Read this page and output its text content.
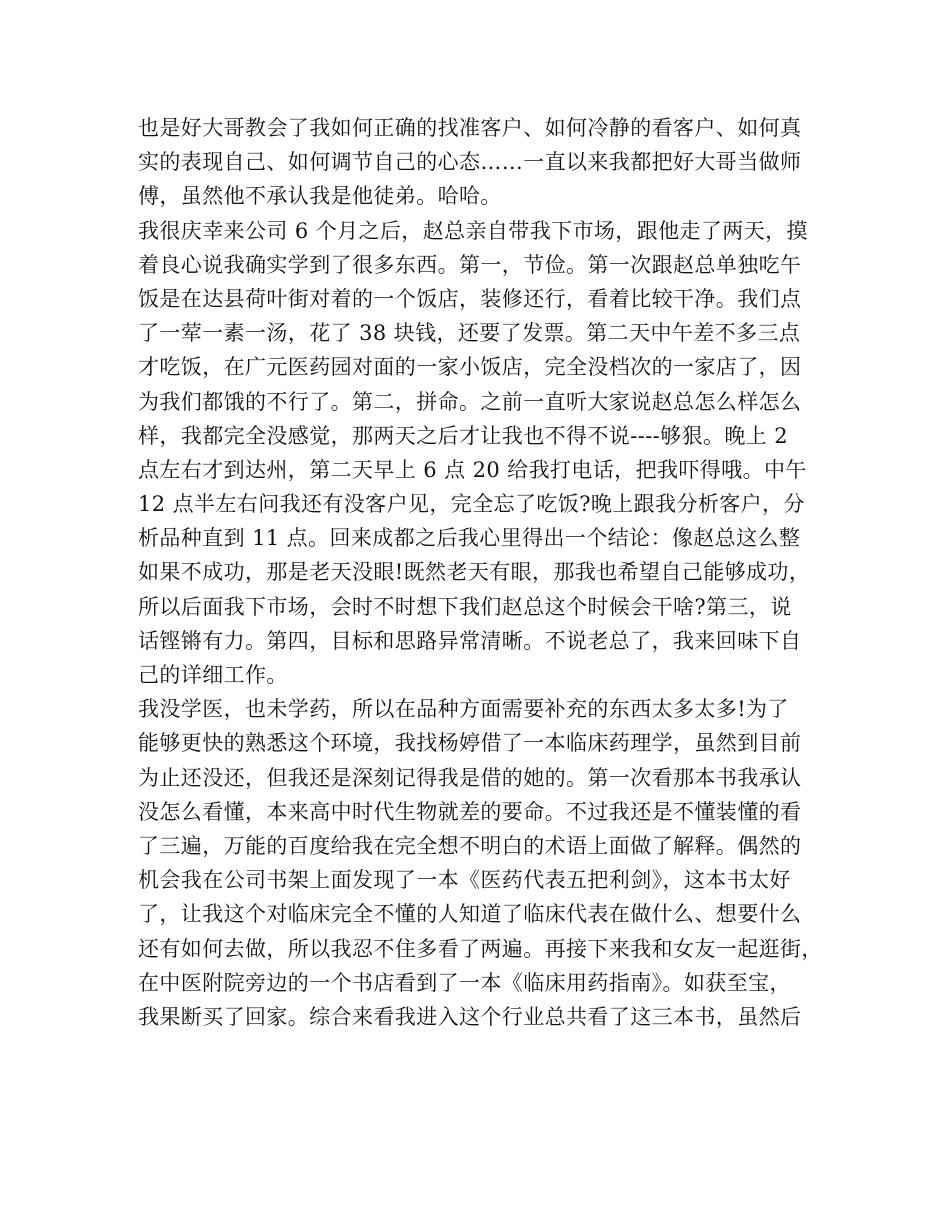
也是好大哥教会了我如何正确的找准客户、如何冷静的看客户、如何真
实的表现自己、如何调节自己的心态……一直以来我都把好大哥当做师
傅，虽然他不承认我是他徒弟。哈哈。
我很庆幸来公司 6 个月之后，赵总亲自带我下市场，跟他走了两天，摸
着良心说我确实学到了很多东西。第一，节俭。第一次跟赵总单独吃午
饭是在达县荷叶街对着的一个饭店，装修还行，看着比较干净。我们点
了一荤一素一汤，花了 38 块钱，还要了发票。第二天中午差不多三点
才吃饭，在广元医药园对面的一家小饭店，完全没档次的一家店了，因
为我们都饿的不行了。第二，拼命。之前一直听大家说赵总怎么样怎么
样，我都完全没感觉，那两天之后才让我也不得不说----够狠。晚上 2
点左右才到达州，第二天早上 6 点 20 给我打电话，把我吓得哦。中午
12 点半左右问我还有没客户见，完全忘了吃饭?晚上跟我分析客户，分
析品种直到 11 点。回来成都之后我心里得出一个结论：像赵总这么整
如果不成功，那是老天没眼!既然老天有眼，那我也希望自己能够成功，
所以后面我下市场，会时不时想下我们赵总这个时候会干啥?第三，说
话铿锵有力。第四，目标和思路异常清晰。不说老总了，我来回味下自
己的详细工作。
我没学医，也未学药，所以在品种方面需要补充的东西太多太多!为了
能够更快的熟悉这个环境，我找杨婷借了一本临床药理学，虽然到目前
为止还没还，但我还是深刻记得我是借的她的。第一次看那本书我承认
没怎么看懂，本来高中时代生物就差的要命。不过我还是不懂装懂的看
了三遍，万能的百度给我在完全想不明白的术语上面做了解释。偶然的
机会我在公司书架上面发现了一本《医药代表五把利剑》，这本书太好
了，让我这个对临床完全不懂的人知道了临床代表在做什么、想要什么
还有如何去做，所以我忍不住多看了两遍。再接下来我和女友一起逛街，
在中医附院旁边的一个书店看到了一本《临床用药指南》。如获至宝，
我果断买了回家。综合来看我进入这个行业总共看了这三本书，虽然后
